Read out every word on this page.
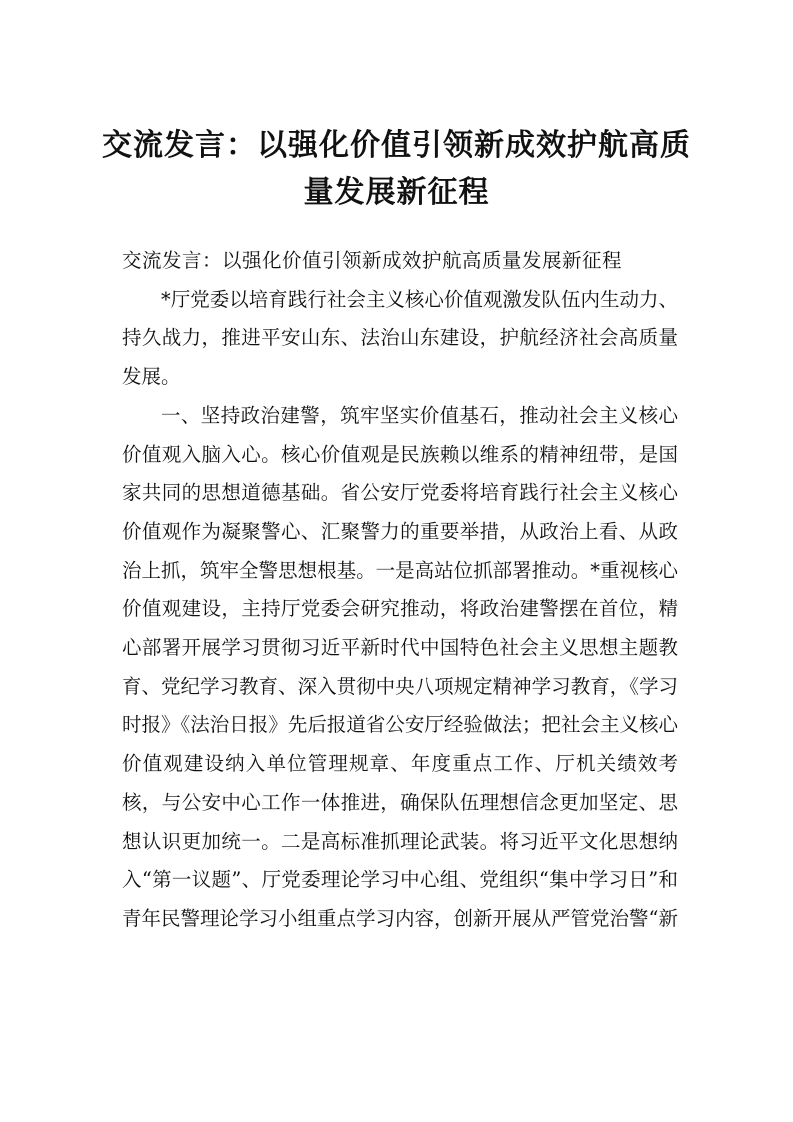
交流发言：以强化价值引领新成效护航高质量发展新征程

交流发言：以强化价值引领新成效护航高质量发展新征程

*厅党委以培育践行社会主义核心价值观激发队伍内生动力、持久战力，推进平安山东、法治山东建设，护航经济社会高质量发展。

一、坚持政治建警，筑牢坚实价值基石，推动社会主义核心价值观入脑入心。核心价值观是民族赖以维系的精神纽带，是国家共同的思想道德基础。省公安厅党委将培育践行社会主义核心价值观作为凝聚警心、汇聚警力的重要举措，从政治上看、从政治上抓，筑牢全警思想根基。一是高站位抓部署推动。*重视核心价值观建设，主持厅党委会研究推动，将政治建警摆在首位，精心部署开展学习贯彻习近平新时代中国特色社会主义思想主题教育、党纪学习教育、深入贯彻中央八项规定精神学习教育，《学习时报》《法治日报》先后报道省公安厅经验做法；把社会主义核心价值观建设纳入单位管理规章、年度重点工作、厅机关绩效考核，与公安中心工作一体推进，确保队伍理想信念更加坚定、思想认识更加统一。二是高标准抓理论武装。将习近平文化思想纳入“第一议题”、厅党委理论学习中心组、党组织“集中学习日”和青年民警理论学习小组重点学习内容，创新开展从严管党治警“新
